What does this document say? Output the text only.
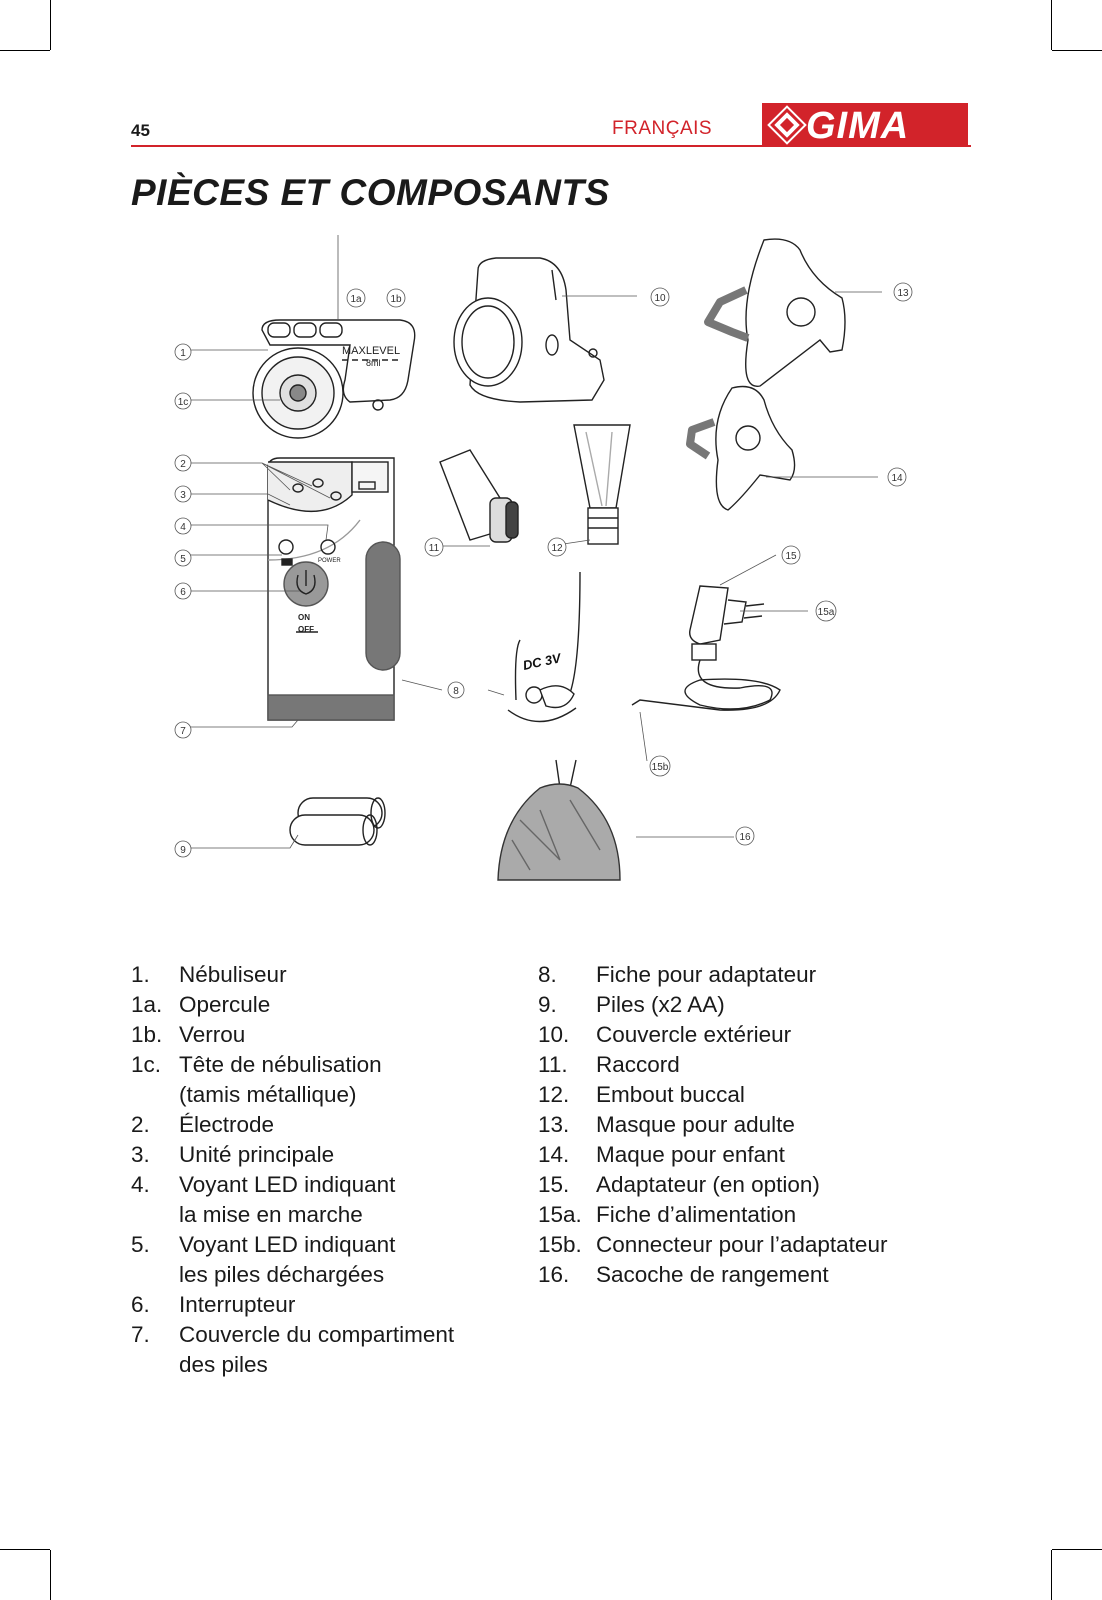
45	FRANÇAIS GIMA
PIÈCES ET COMPOSANTS
1a	1b
1
1c
2
3
4
5
6
7
8
9
10
11	12
13
14
15
15a
15b
16
MAXLEVEL
8ml
POWER
ON
OFF
DC 3V
1.	Nébuliseur
1a. Opercule
1b. Verrou
1c. Tête de nébulisation
(tamis métallique)
2.	Électrode
3.	Unité principale
4.	Voyant LED indiquant
la mise en marche
5.	Voyant LED indiquant
les piles déchargées
6.	Interrupteur
7.	Couvercle du compartiment
des piles
8.	Fiche pour adaptateur
9.	Piles (x2 AA)
10.	Couvercle extérieur
11.	Raccord
12.	Embout buccal
13.	Masque pour adulte
14.	Maque pour enfant
15.	Adaptateur (en option)
15a. Fiche d’alimentation
15b. Connecteur pour l’adaptateur
16.	Sacoche de rangement
